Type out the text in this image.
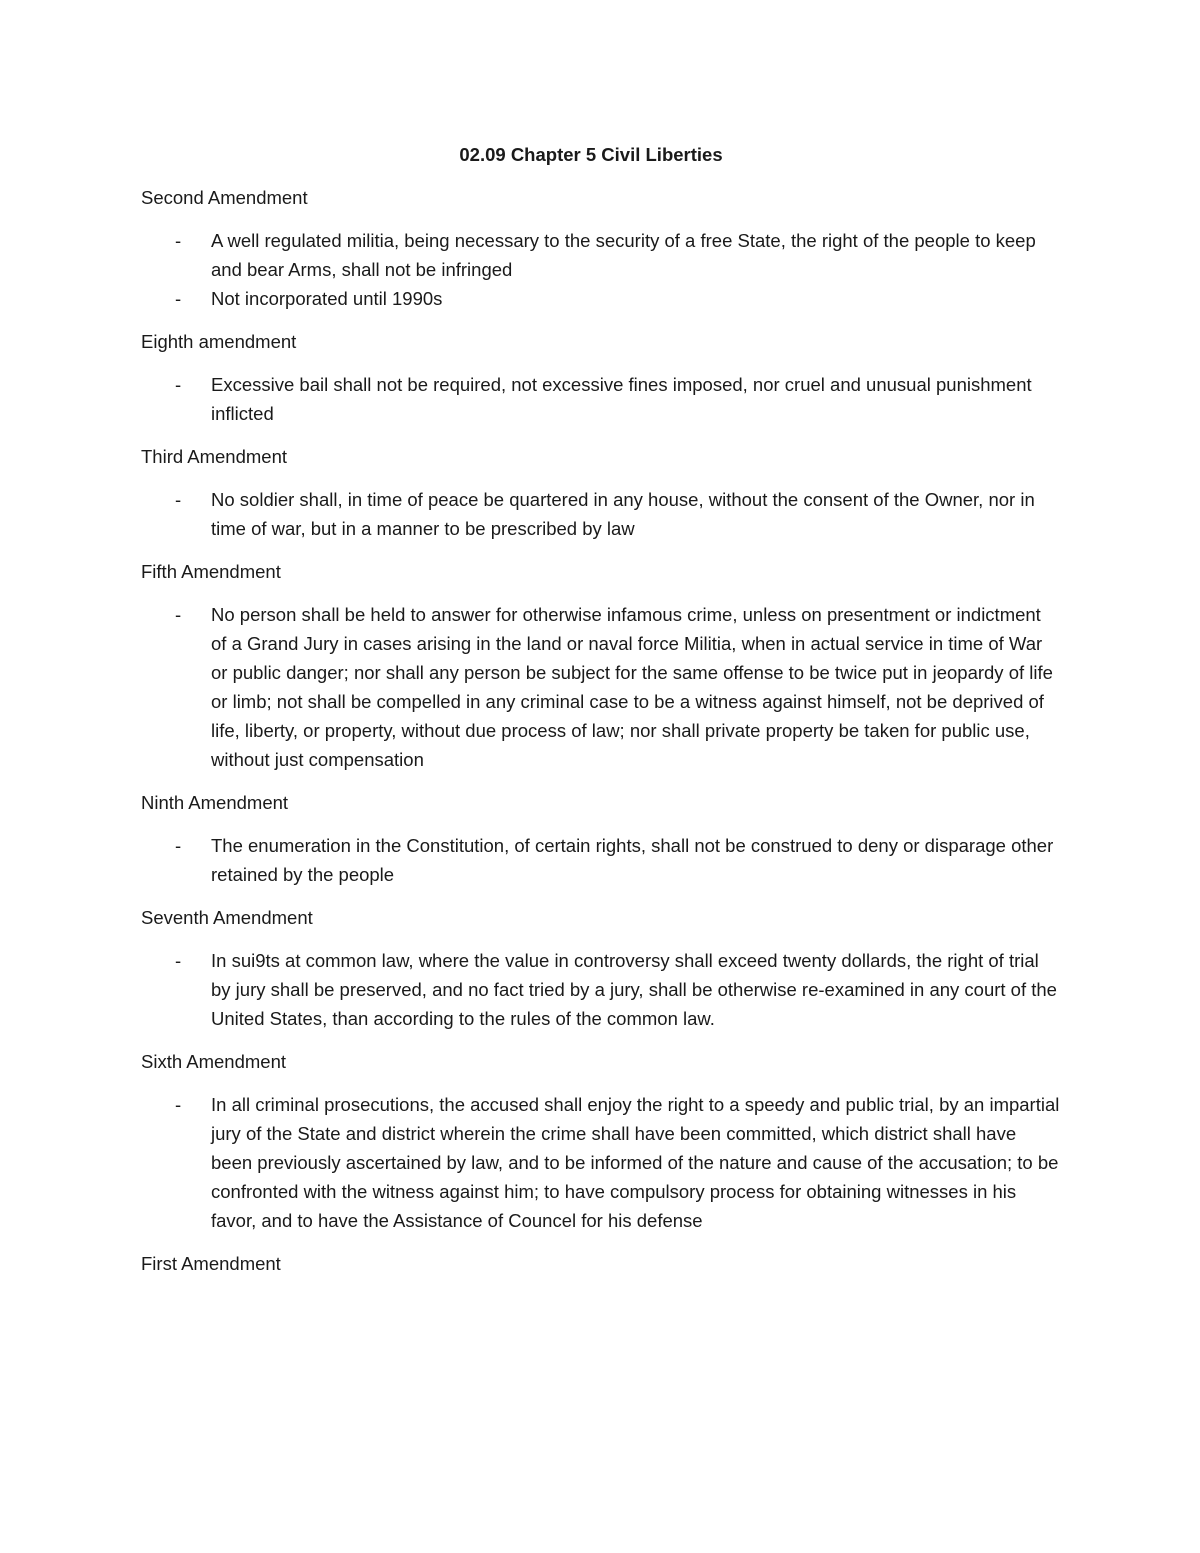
02.09 Chapter 5 Civil Liberties

Second Amendment

- A well regulated militia, being necessary to the security of a free State, the right of the people to keep and bear Arms, shall not be infringed
- Not incorporated until 1990s

Eighth amendment

- Excessive bail shall not be required, not excessive fines imposed, nor cruel and unusual punishment inflicted

Third Amendment

- No soldier shall, in time of peace be quartered in any house, without the consent of the Owner, nor in time of war, but in a manner to be prescribed by law

Fifth Amendment

- No person shall be held to answer for otherwise infamous crime, unless on presentment or indictment of a Grand Jury in cases arising in the land or naval force Militia, when in actual service in time of War or public danger; nor shall any person be subject for the same offense to be twice put in jeopardy of life or limb; not shall be compelled in any criminal case to be a witness against himself, not be deprived of life, liberty, or property, without due process of law; nor shall private property be taken for public use, without just compensation

Ninth Amendment

- The enumeration in the Constitution, of certain rights, shall not be construed to deny or disparage other retained by the people

Seventh Amendment

- In sui9ts at common law, where the value in controversy shall exceed twenty dollards, the right of trial by jury shall be preserved, and no fact tried by a jury, shall be otherwise re-examined in any court of the United States, than according to the rules of the common law.

Sixth Amendment

- In all criminal prosecutions, the accused shall enjoy the right to a speedy and public trial, by an impartial jury of the State and district wherein the crime shall have been committed, which district shall have been previously ascertained by law, and to be informed of the nature and cause of the accusation; to be confronted with the witness against him; to have compulsory process for obtaining witnesses in his favor, and to have the Assistance of Councel for his defense

First Amendment
